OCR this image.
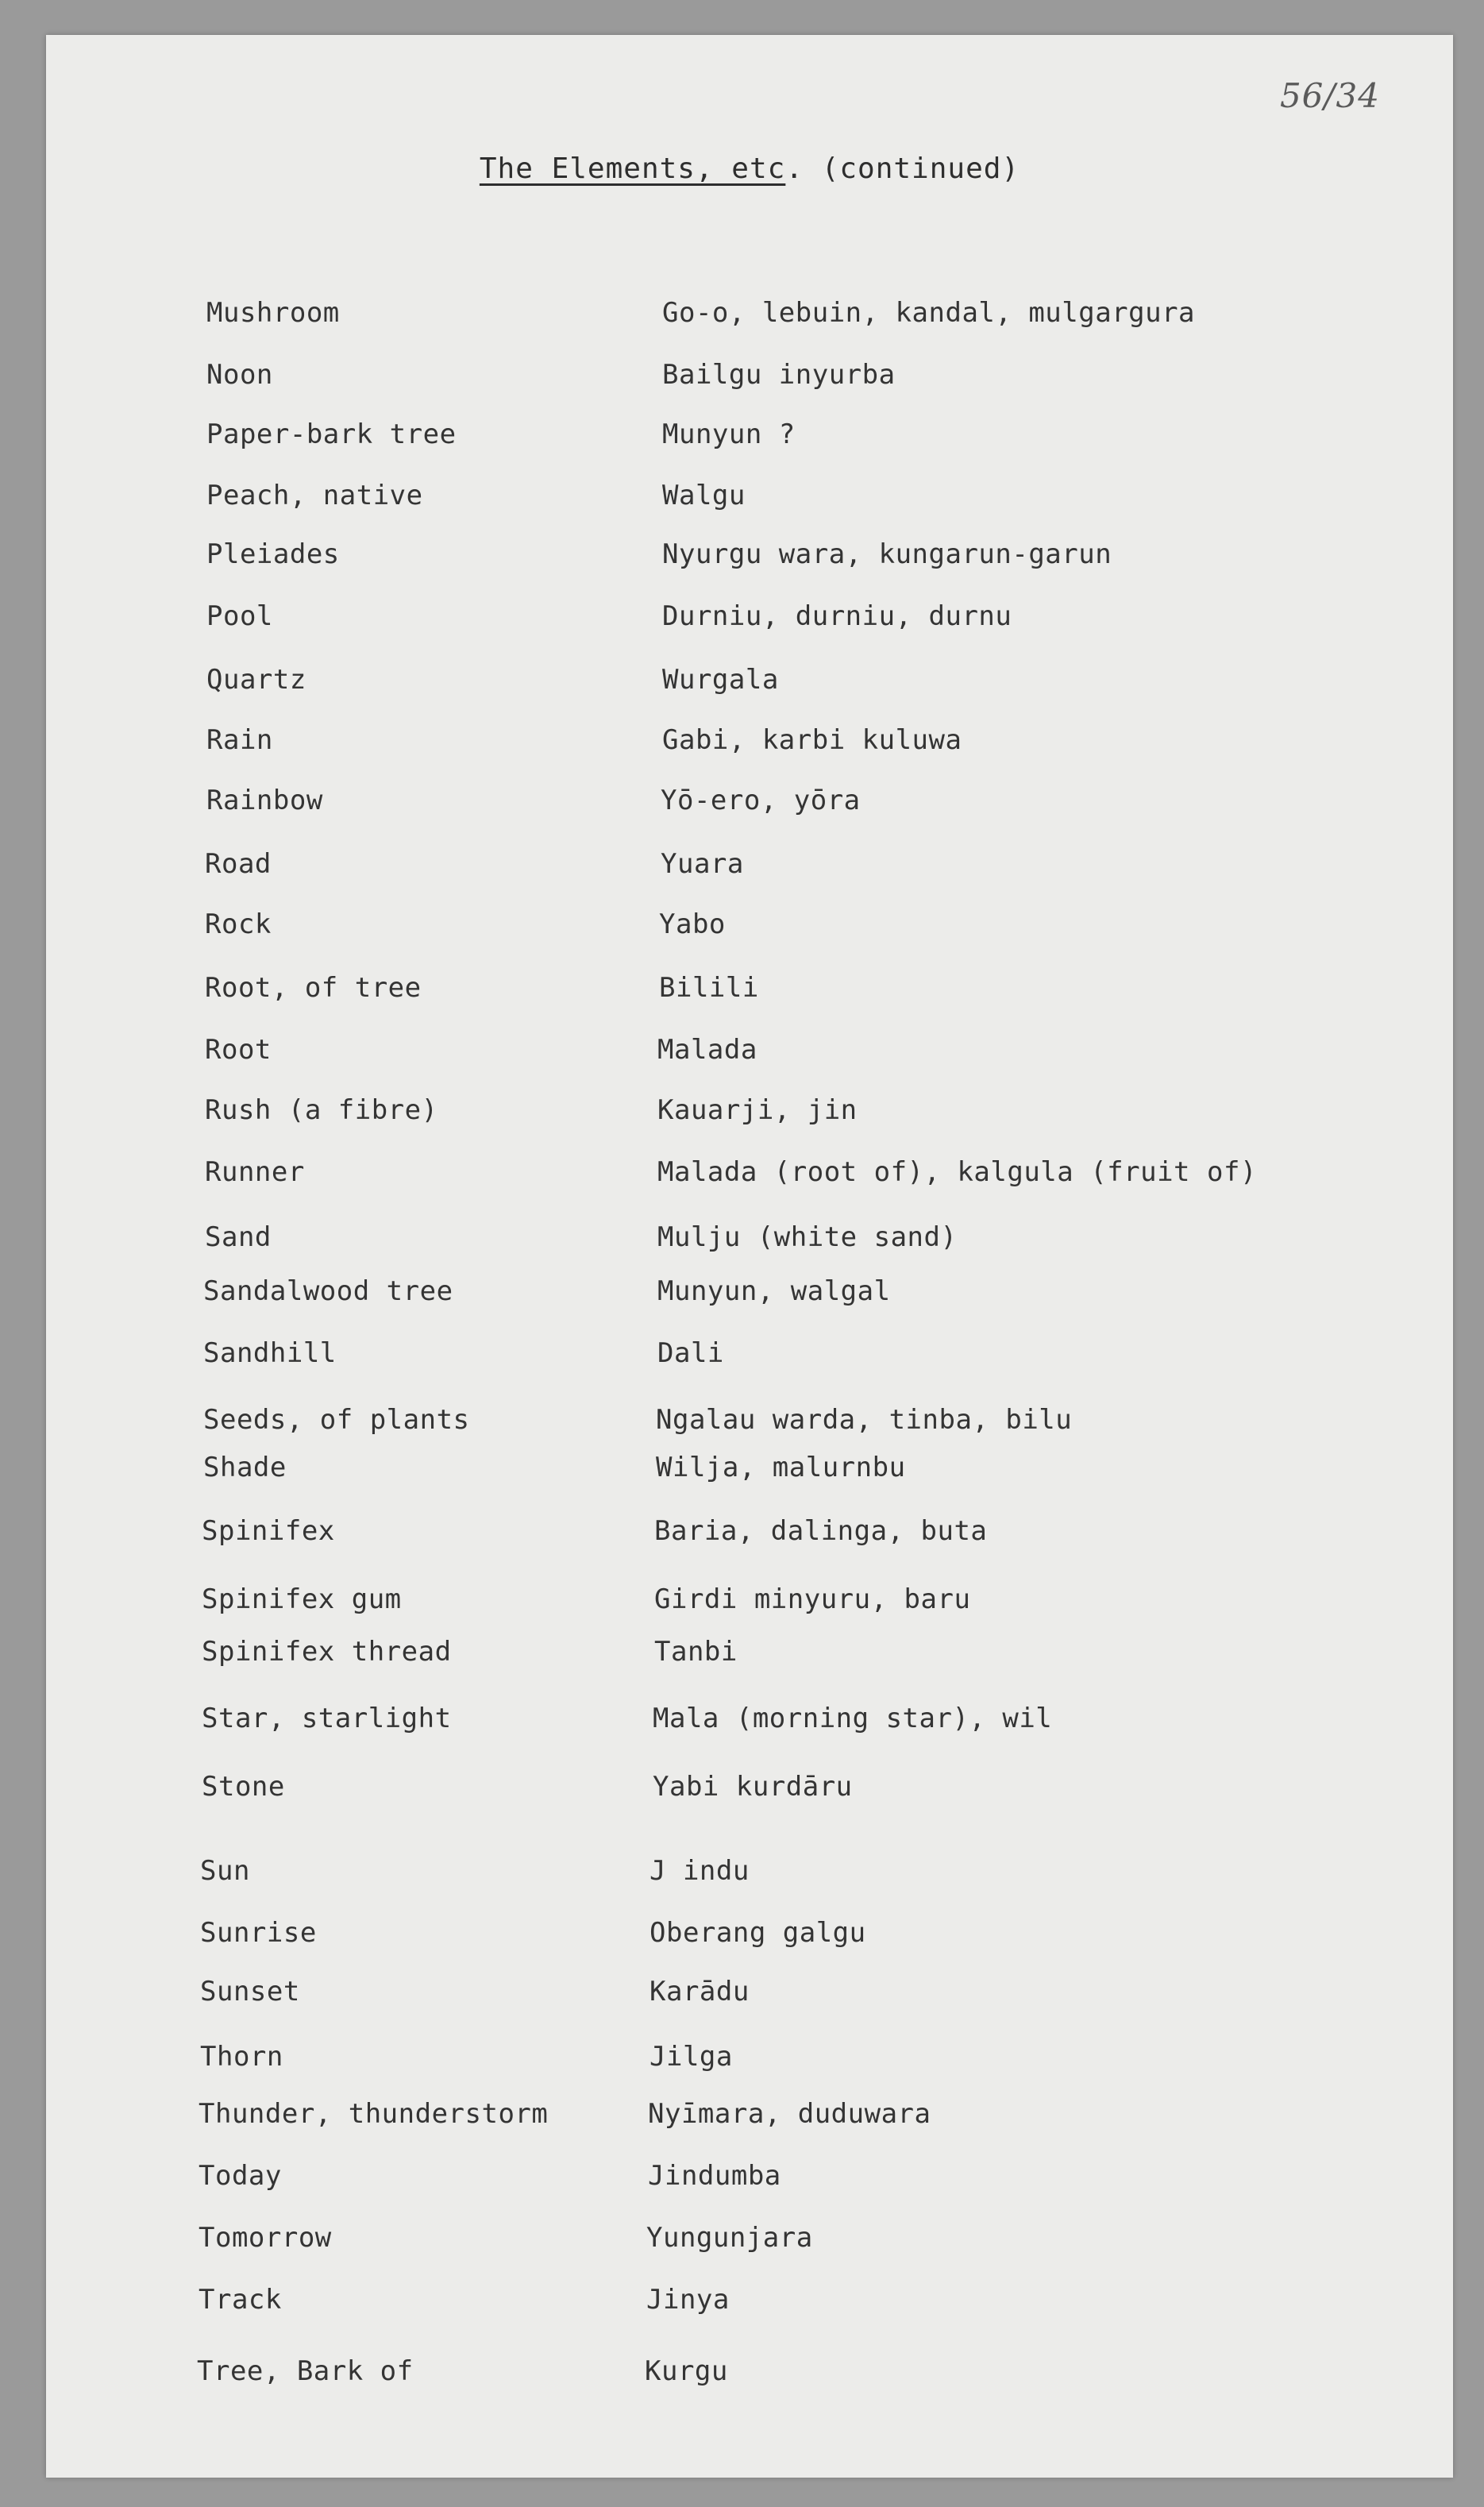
56/34
The Elements, etc. (continued)
Mushroom	Go-o, lebuin, kandal, mulgargura
Noon	Bailgu inyurba
Paper-bark tree	Munyun ?
Peach, native	Walgu
Pleiades	Nyurgu wara, kungarun-garun
Pool	Durniu, durniu, durnu
Quartz	Wurgala
Rain	Gabi, karbi kuluwa
Rainbow	Yō-ero, yōra
Road	Yuara
Rock	Yabo
Root, of tree	Bilili
Root	Malada
Rush (a fibre)	Kauarji, jin
Runner	Malada (root of), kalgula (fruit of)
Sand	Mulju (white sand)
Sandalwood tree	Munyun, walgal
Sandhill	Dali
Seeds, of plants	Ngalau warda, tinba, bilu
Shade	Wilja, malurnbu
Spinifex	Baria, dalinga, buta
Spinifex gum	Girdi minyuru, baru
Spinifex thread	Tanbi
Star, starlight	Mala (morning star), wil
Stone	Yabi kurdāru
Sun	J indu
Sunrise	Oberang galgu
Sunset	Karādu
Thorn	Jilga
Thunder, thunderstorm	Nyīmara, duduwara
Today	Jindumba
Tomorrow	Yungunjara
Track	Jinya
Tree, Bark of	Kurgu
